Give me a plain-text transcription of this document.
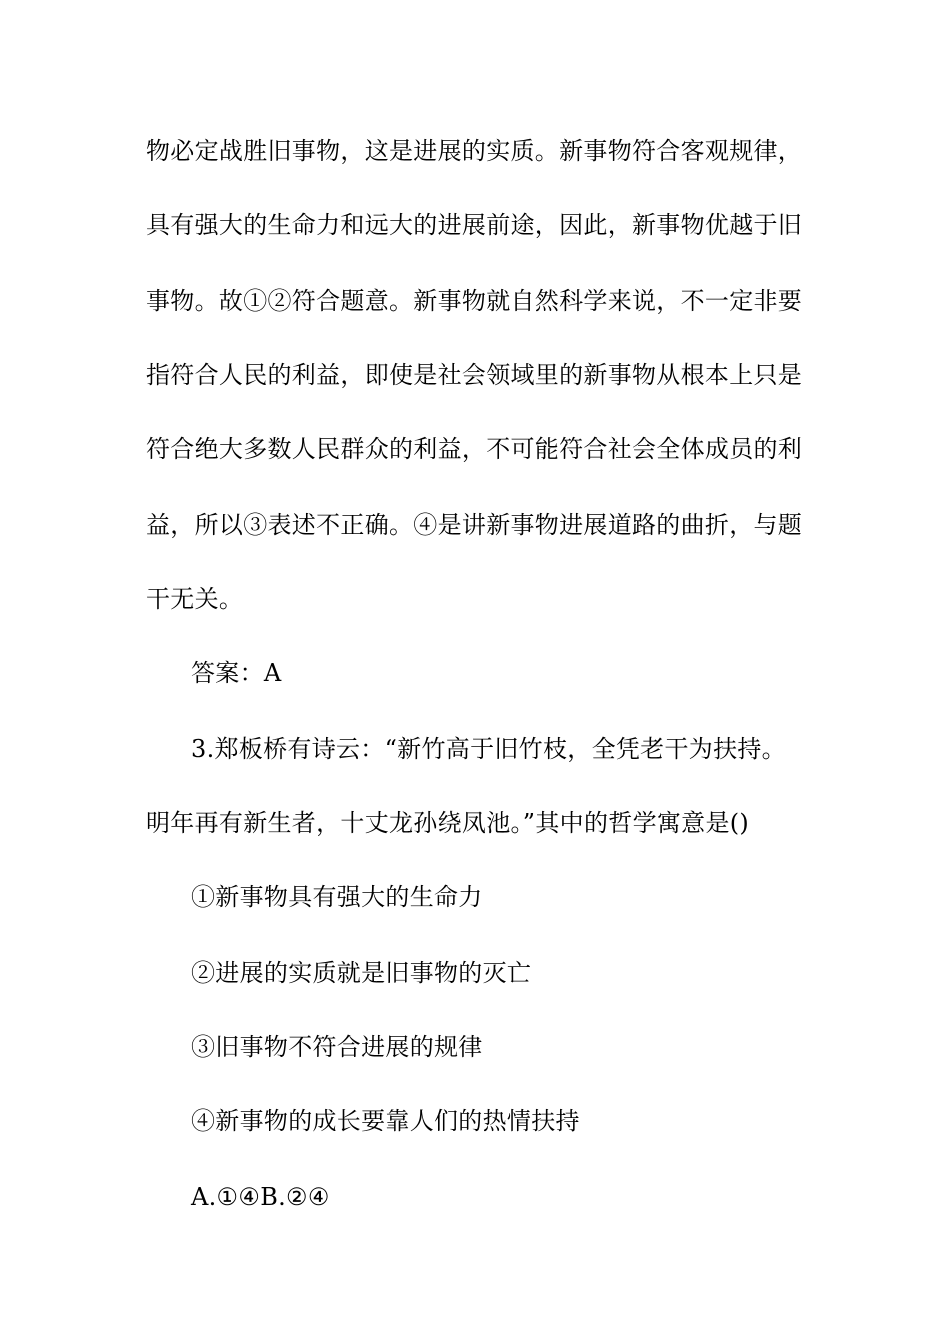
物必定战胜旧事物，这是进展的实质。新事物符合客观规律，
具有强大的生命力和远大的进展前途，因此，新事物优越于旧
事物。故①②符合题意。新事物就自然科学来说，不一定非要
指符合人民的利益，即使是社会领域里的新事物从根本上只是
符合绝大多数人民群众的利益，不可能符合社会全体成员的利
益，所以③表述不正确。④是讲新事物进展道路的曲折，与题
干无关。
答案：A
3.郑板桥有诗云：“新竹高于旧竹枝，全凭老干为扶持。
明年再有新生者，十丈龙孙绕凤池。”其中的哲学寓意是()
①新事物具有强大的生命力
②进展的实质就是旧事物的灭亡
③旧事物不符合进展的规律
④新事物的成长要靠人们的热情扶持
A.①④B.②④
